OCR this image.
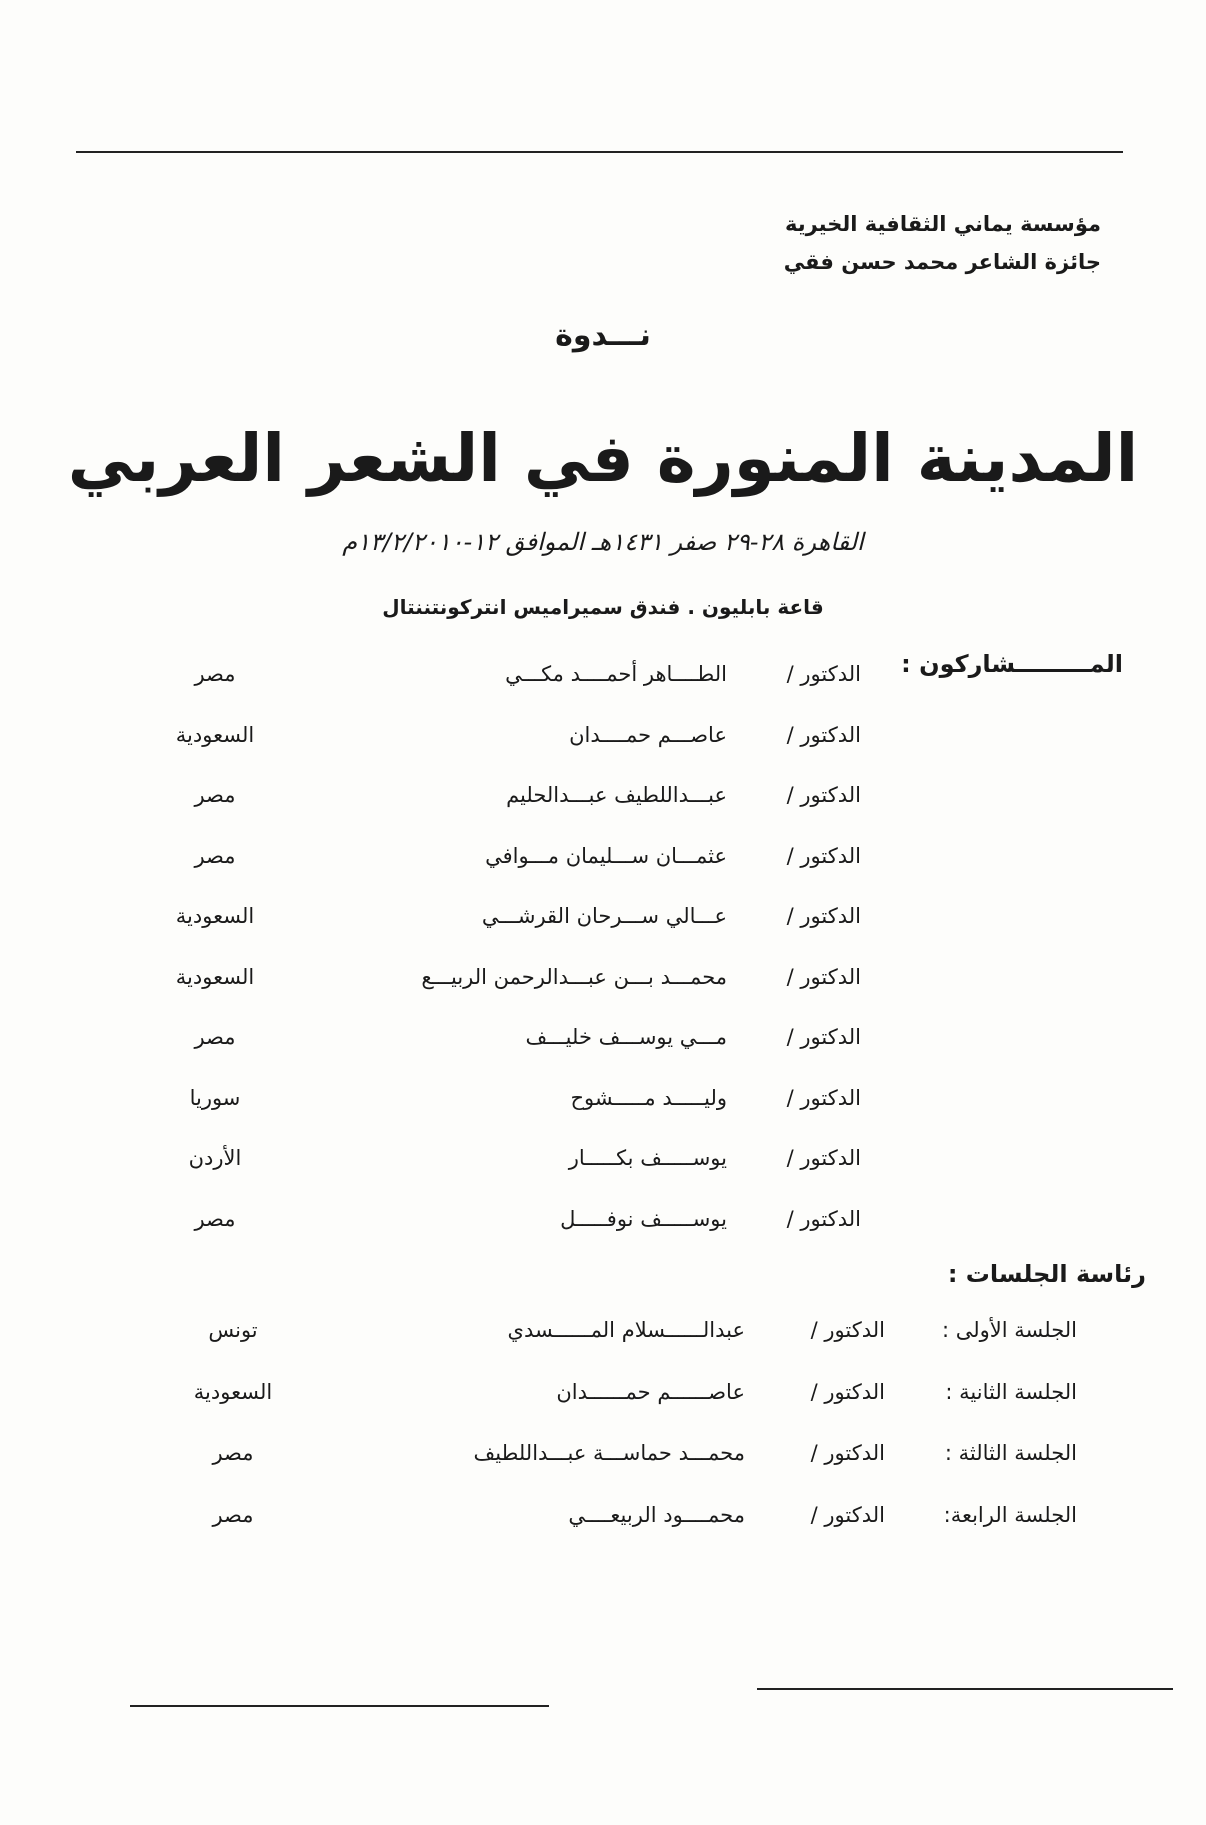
مؤسسة يماني الثقافية الخيرية
جائزة الشاعر محمد حسن فقي
نـــدوة
المدينة المنورة في الشعر العربي
القاهرة ٢٨-٢٩ صفر ١٤٣١هـ الموافق ١٢-١٣/٢/٢٠١٠م
قاعة بابليون . فندق سميراميس انتركونتننتال
المـــــــــشاركون :
الدكتور /
الطــــاهر أحمــــد مكـــي
مصر
الدكتور /
عاصـــم حمــــدان
السعودية
الدكتور /
عبـــداللطيف عبـــدالحليم
مصر
الدكتور /
عثمـــان ســـليمان مـــوافي
مصر
الدكتور /
عـــالي ســـرحان القرشـــي
السعودية
الدكتور /
محمـــد بـــن عبـــدالرحمن الربيـــع
السعودية
الدكتور /
مـــي يوســـف خليـــف
مصر
الدكتور /
وليـــــد مـــــشوح
سوريا
الدكتور /
يوســـــف بكـــــار
الأردن
الدكتور /
يوســـــف نوفـــــل
مصر
رئاسة الجلسات :
الجلسة الأولى :
الدكتور /
عبدالــــــسلام المــــــسدي
تونس
الجلسة الثانية :
الدكتور /
عاصــــــم حمــــــدان
السعودية
الجلسة الثالثة :
الدكتور /
محمـــد حماســـة عبـــداللطيف
مصر
الجلسة الرابعة:
الدكتور /
محمــــود الربيعــــي
مصر
